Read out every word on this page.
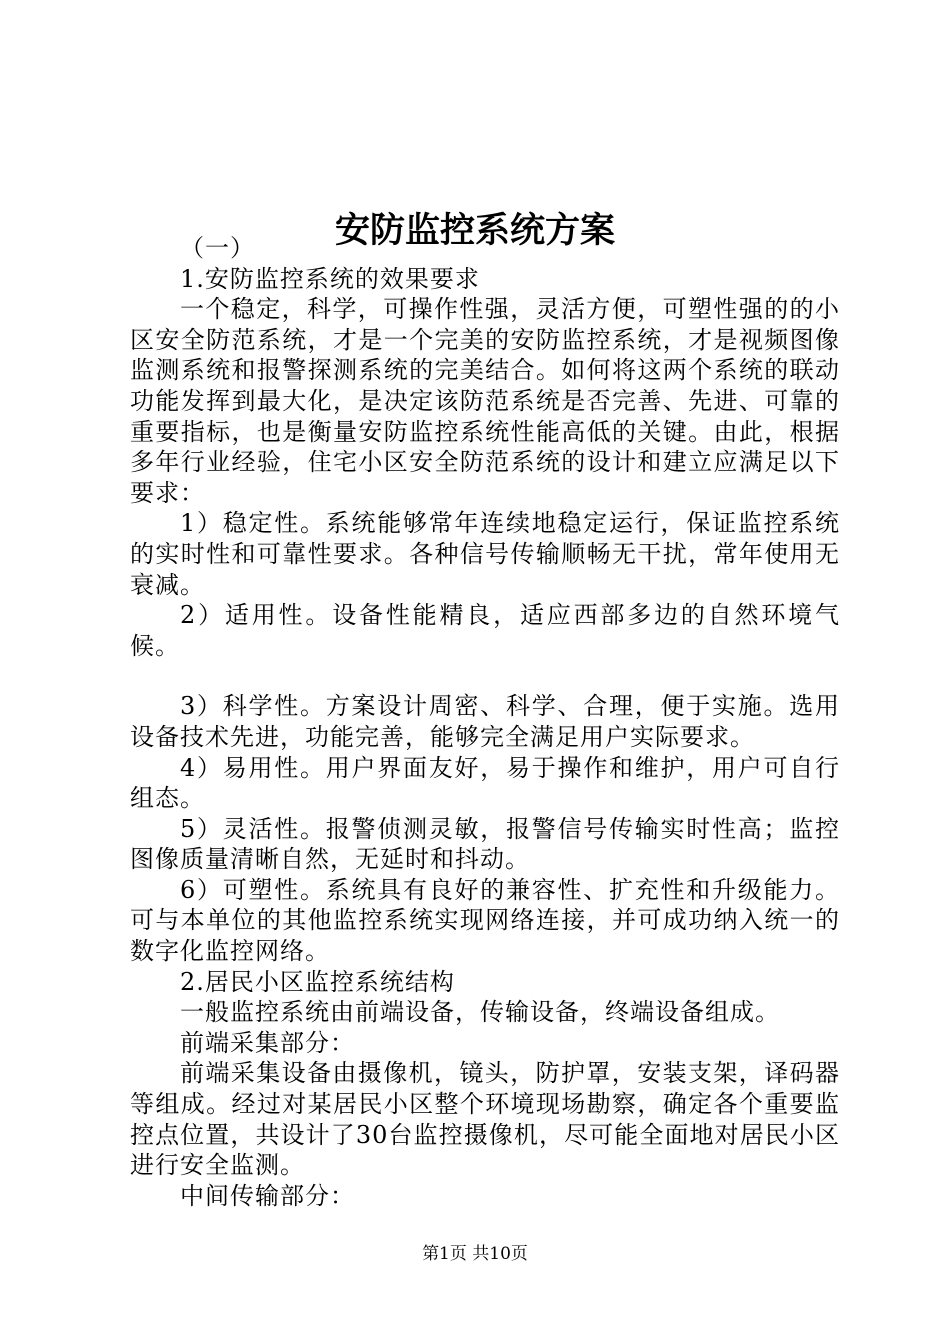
安防监控系统方案

（一）

1.安防监控系统的效果要求

一个稳定，科学，可操作性强，灵活方便，可塑性强的的小区安全防范系统，才是一个完美的安防监控系统，才是视频图像监测系统和报警探测系统的完美结合。如何将这两个系统的联动功能发挥到最大化，是决定该防范系统是否完善、先进、可靠的重要指标，也是衡量安防监控系统性能高低的关键。由此，根据多年行业经验，住宅小区安全防范系统的设计和建立应满足以下要求：

1）稳定性。系统能够常年连续地稳定运行，保证监控系统的实时性和可靠性要求。各种信号传输顺畅无干扰，常年使用无衰减。

2）适用性。设备性能精良，适应西部多边的自然环境气候。

3）科学性。方案设计周密、科学、合理，便于实施。选用设备技术先进，功能完善，能够完全满足用户实际要求。

4）易用性。用户界面友好，易于操作和维护，用户可自行组态。

5）灵活性。报警侦测灵敏，报警信号传输实时性高；监控图像质量清晰自然，无延时和抖动。

6）可塑性。系统具有良好的兼容性、扩充性和升级能力。可与本单位的其他监控系统实现网络连接，并可成功纳入统一的数字化监控网络。

2.居民小区监控系统结构

一般监控系统由前端设备，传输设备，终端设备组成。

前端采集部分：

前端采集设备由摄像机，镜头，防护罩，安装支架，译码器等组成。经过对某居民小区整个环境现场勘察，确定各个重要监控点位置，共设计了30台监控摄像机，尽可能全面地对居民小区进行安全监测。

中间传输部分：

第1页 共10页
